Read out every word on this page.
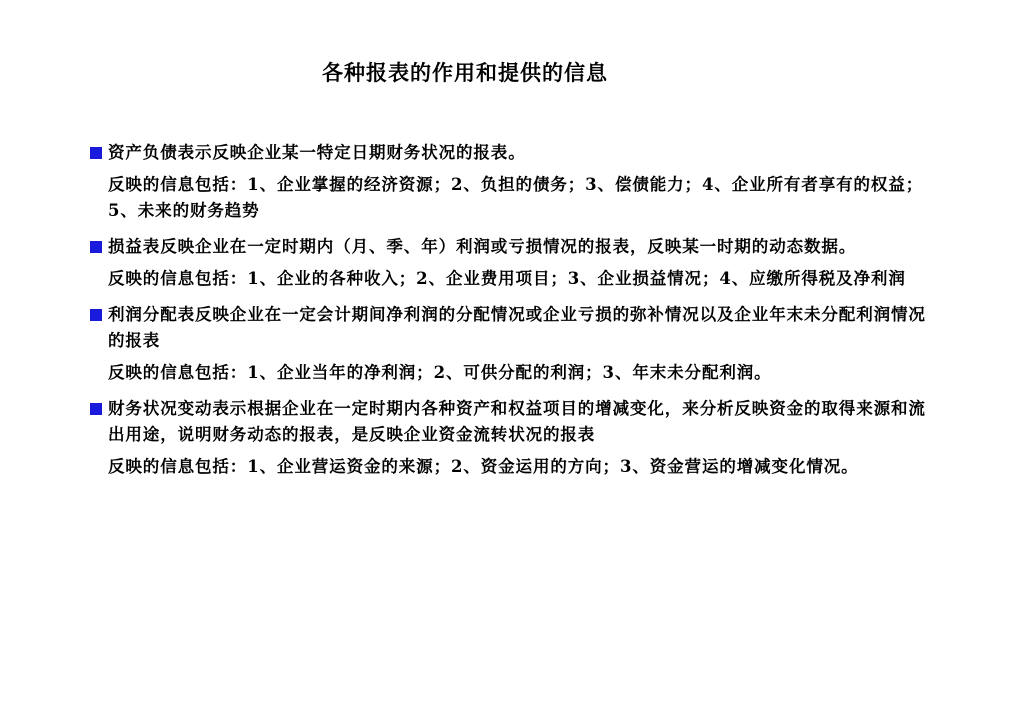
各种报表的作用和提供的信息
资产负债表示反映企业某一特定日期财务状况的报表。
反映的信息包括：1、企业掌握的经济资源；2、负担的债务；3、偿债能力；4、企业所有者享有的权益； 5、未来的财务趋势
损益表反映企业在一定时期内（月、季、年）利润或亏损情况的报表，反映某一时期的动态数据。
反映的信息包括：1、企业的各种收入；2、企业费用项目；3、企业损益情况；4、应缴所得税及净利润
利润分配表反映企业在一定会计期间净利润的分配情况或企业亏损的弥补情况以及企业年末未分配利润情况的报表
反映的信息包括：1、企业当年的净利润；2、可供分配的利润；3、年末未分配利润。
财务状况变动表示根据企业在一定时期内各种资产和权益项目的增减变化，来分析反映资金的取得来源和流出用途，说明财务动态的报表，是反映企业资金流转状况的报表
反映的信息包括：1、企业营运资金的来源；2、资金运用的方向；3、资金营运的增减变化情况。
